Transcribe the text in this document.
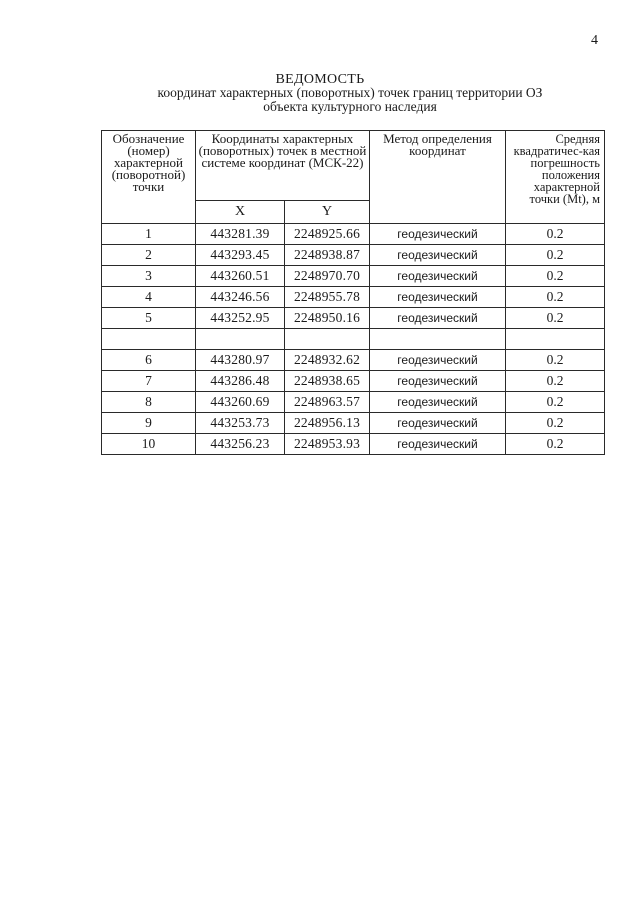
4
ВЕДОМОСТЬ
координат характерных (поворотных) точек границ территории ОЗ объекта культурного наследия
Обозначение (номер) характерной (поворотной) точки	Координаты характерных (поворотных) точек в местной системе координат (МСК-22)		Метод определения координат	Средняя квадратичес-кая погрешность положения характерной точки (Mt), м
	X	Y		
1	443281.39	2248925.66	геодезический	0.2
2	443293.45	2248938.87	геодезический	0.2
3	443260.51	2248970.70	геодезический	0.2
4	443246.56	2248955.78	геодезический	0.2
5	443252.95	2248950.16	геодезический	0.2

6	443280.97	2248932.62	геодезический	0.2
7	443286.48	2248938.65	геодезический	0.2
8	443260.69	2248963.57	геодезический	0.2
9	443253.73	2248956.13	геодезический	0.2
10	443256.23	2248953.93	геодезический	0.2
